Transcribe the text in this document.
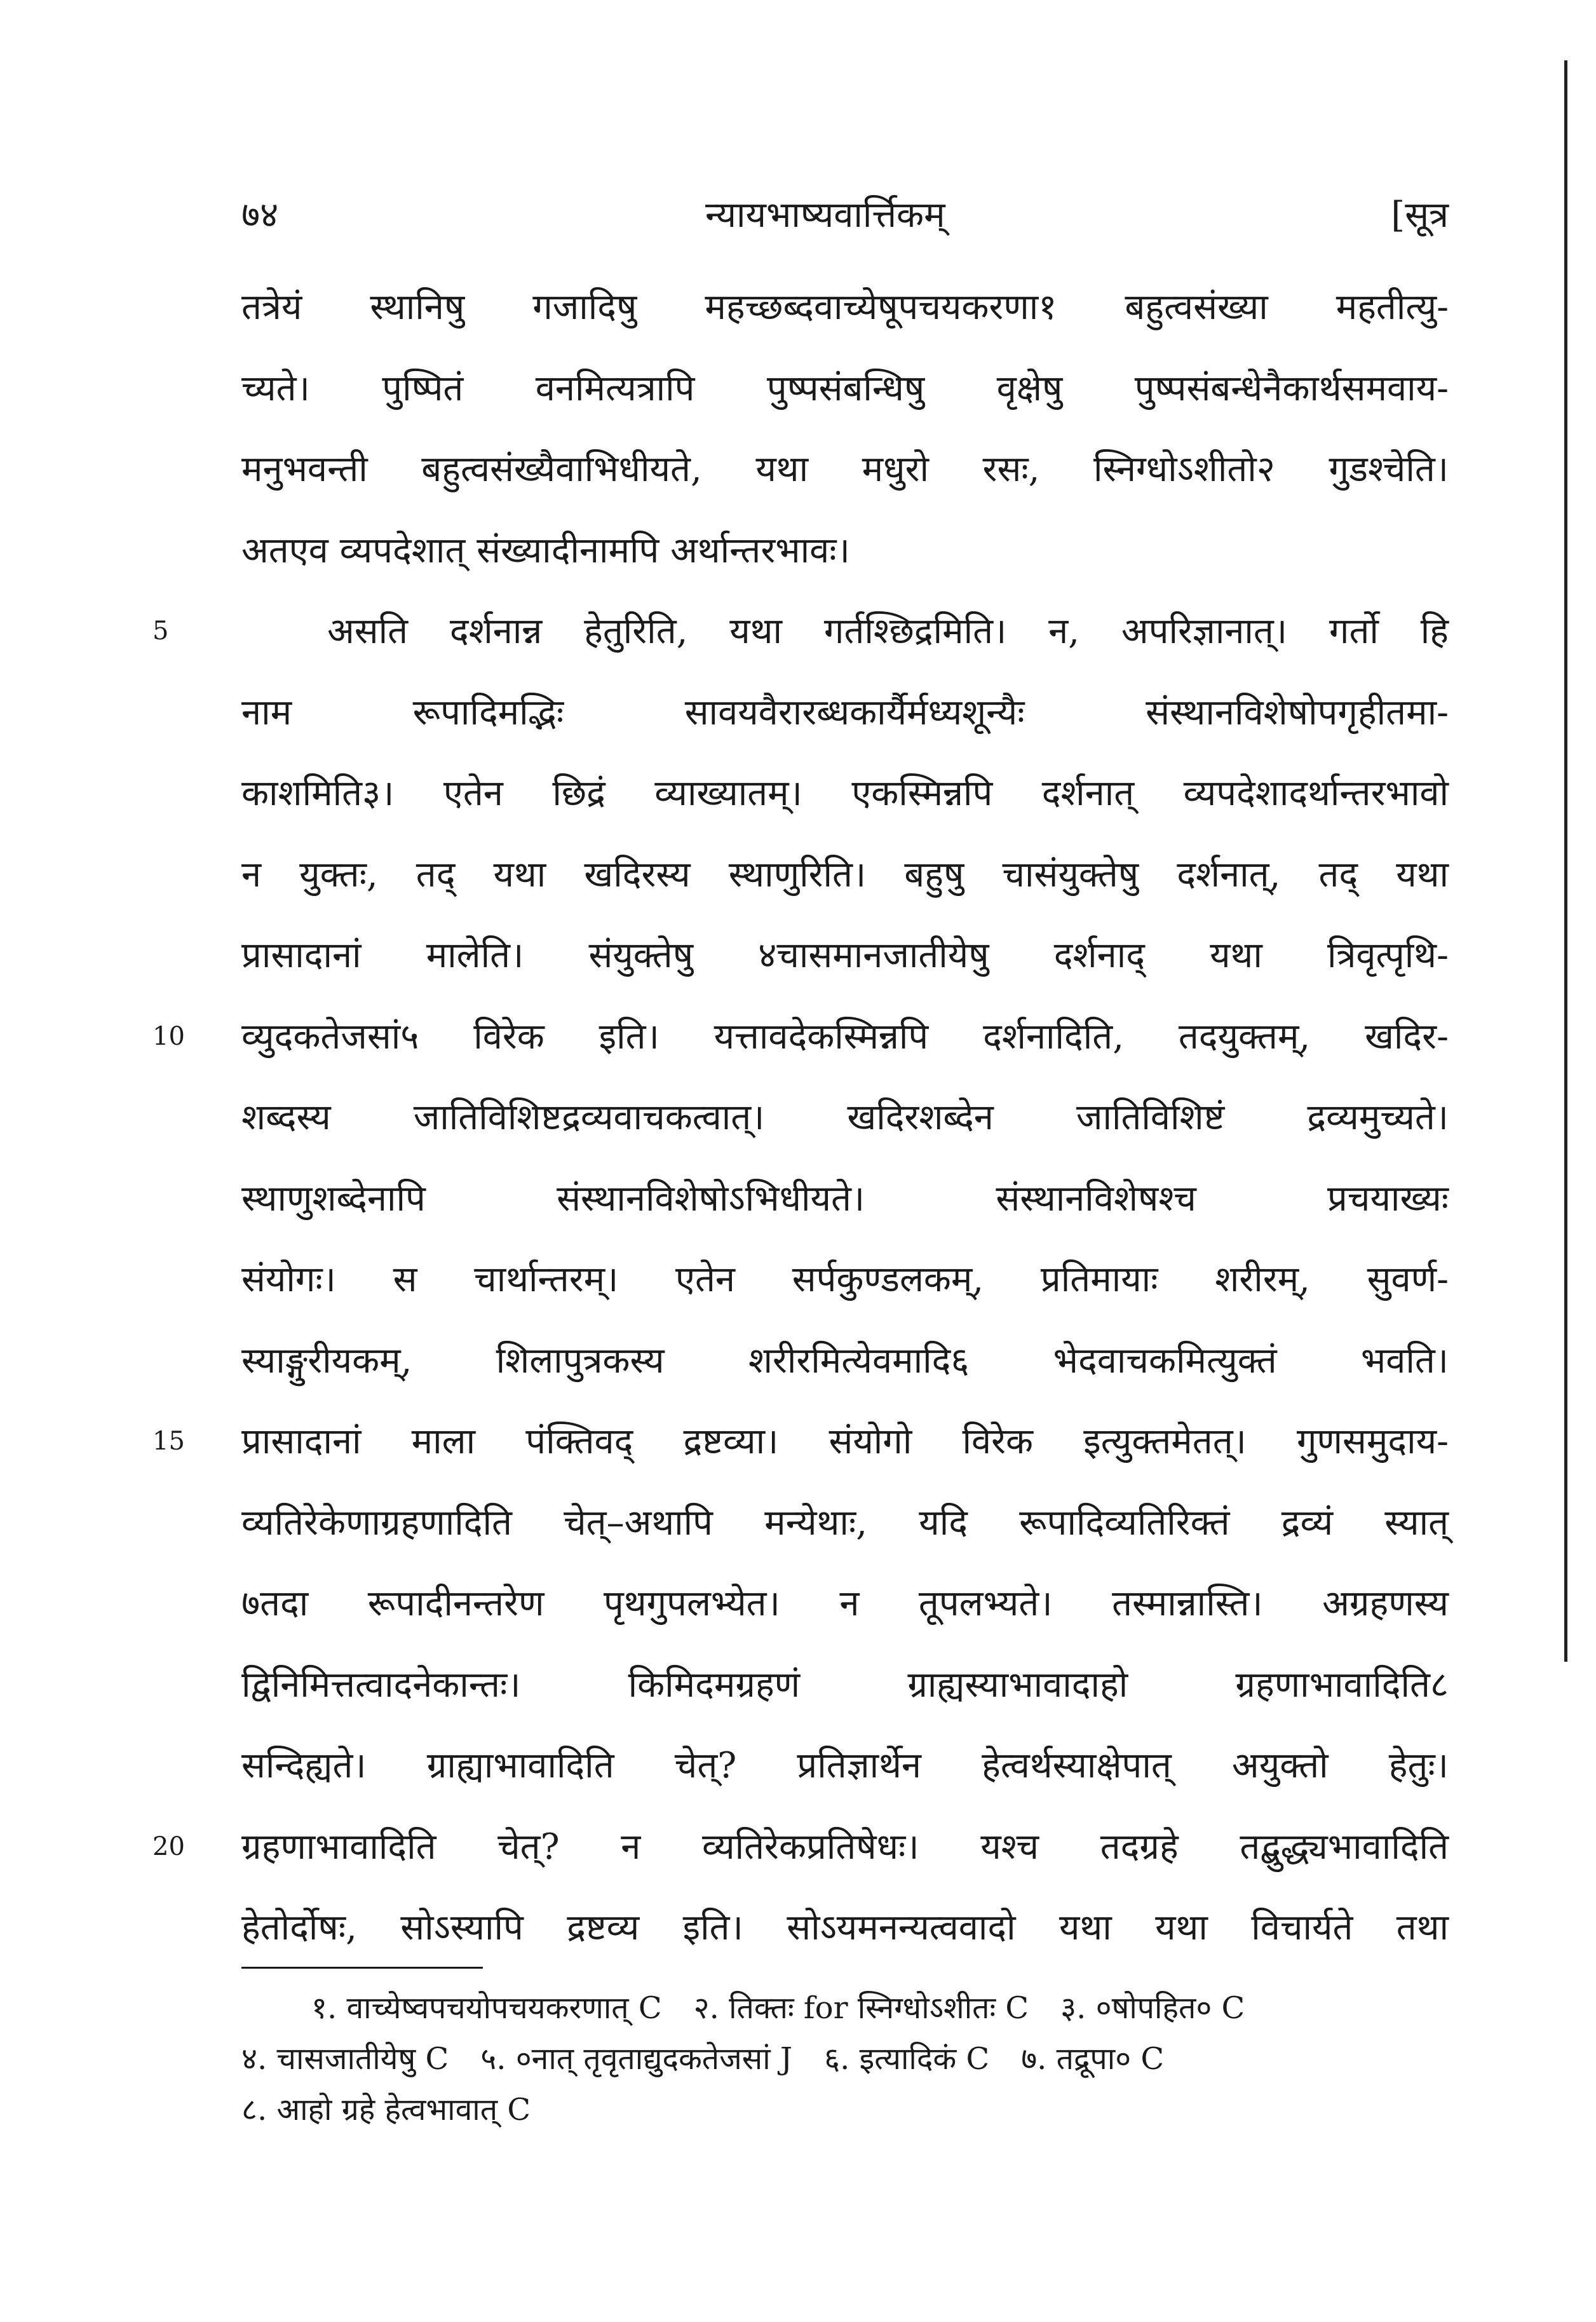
७४	न्यायभाष्यवार्त्तिकम्	[सूत्र
तत्रेयं स्थानिषु गजादिषु महच्छब्दवाच्येषूपचयकरणा१ बहुत्वसंख्या महतीत्यु-
च्यते। पुष्पितं वनमित्यत्रापि पुष्पसंबन्धिषु वृक्षेषु पुष्पसंबन्धेनैकार्थसमवाय-
मनुभवन्ती बहुत्वसंख्यैवाभिधीयते, यथा मधुरो रसः, स्निग्धोऽशीतो२ गुडश्चेति।
अतएव व्यपदेशात् संख्यादीनामपि अर्थान्तरभावः।
असति दर्शनान्न हेतुरिति, यथा गर्तश्छिद्रमिति। न, अपरिज्ञानात्। गर्तो हि
5
नाम रूपादिमद्भिः सावयवैरारब्धकार्यैर्मध्यशून्यैः संस्थानविशेषोपगृहीतमा-
काशमिति३। एतेन छिद्रं व्याख्यातम्। एकस्मिन्नपि दर्शनात् व्यपदेशादर्थान्तरभावो
न युक्तः, तद् यथा खदिरस्य स्थाणुरिति। बहुषु चासंयुक्तेषु दर्शनात्, तद् यथा
प्रासादानां मालेति। संयुक्तेषु ४चासमानजातीयेषु दर्शनाद् यथा त्रिवृत्पृथि-
व्युदकतेजसां५ विरेक इति। यत्तावदेकस्मिन्नपि दर्शनादिति, तदयुक्तम्, खदिर-
10
शब्दस्य जातिविशिष्टद्रव्यवाचकत्वात्। खदिरशब्देन जातिविशिष्टं द्रव्यमुच्यते।
स्थाणुशब्देनापि संस्थानविशेषोऽभिधीयते। संस्थानविशेषश्च प्रचयाख्यः
संयोगः। स चार्थान्तरम्। एतेन सर्पकुण्डलकम्, प्रतिमायाः शरीरम्, सुवर्ण-
स्याङ्गुरीयकम्, शिलापुत्रकस्य शरीरमित्येवमादि६ भेदवाचकमित्युक्तं भवति।
प्रासादानां माला पंक्तिवद् द्रष्टव्या। संयोगो विरेक इत्युक्तमेतत्। गुणसमुदाय-
15
व्यतिरेकेणाग्रहणादिति चेत्–अथापि मन्येथाः, यदि रूपादिव्यतिरिक्तं द्रव्यं स्यात्
७तदा रूपादीनन्तरेण पृथगुपलभ्येत। न तूपलभ्यते। तस्मान्नास्ति। अग्रहणस्य
द्विनिमित्तत्वादनेकान्तः। किमिदमग्रहणं ग्राह्यस्याभावादाहो ग्रहणाभावादिति८
सन्दिह्यते। ग्राह्याभावादिति चेत्? प्रतिज्ञार्थेन हेत्वर्थस्याक्षेपात् अयुक्तो हेतुः।
ग्रहणाभावादिति चेत्? न व्यतिरेकप्रतिषेधः। यश्च तदग्रहे तद्बुद्ध्यभावादिति
20
हेतोर्दोषः, सोऽस्यापि द्रष्टव्य इति। सोऽयमनन्यत्ववादो यथा यथा विचार्यते तथा
१. वाच्येष्वपचयोपचयकरणात् C २. तिक्तः for स्निग्धोऽशीतः C ३. ०षोपहित० C
४. चासजातीयेषु C ५. ०नात् तृवृताद्युदकतेजसां J ६. इत्यादिकं C ७. तद्रूपा० C
८. आहो ग्रहे हेत्वभावात् C
